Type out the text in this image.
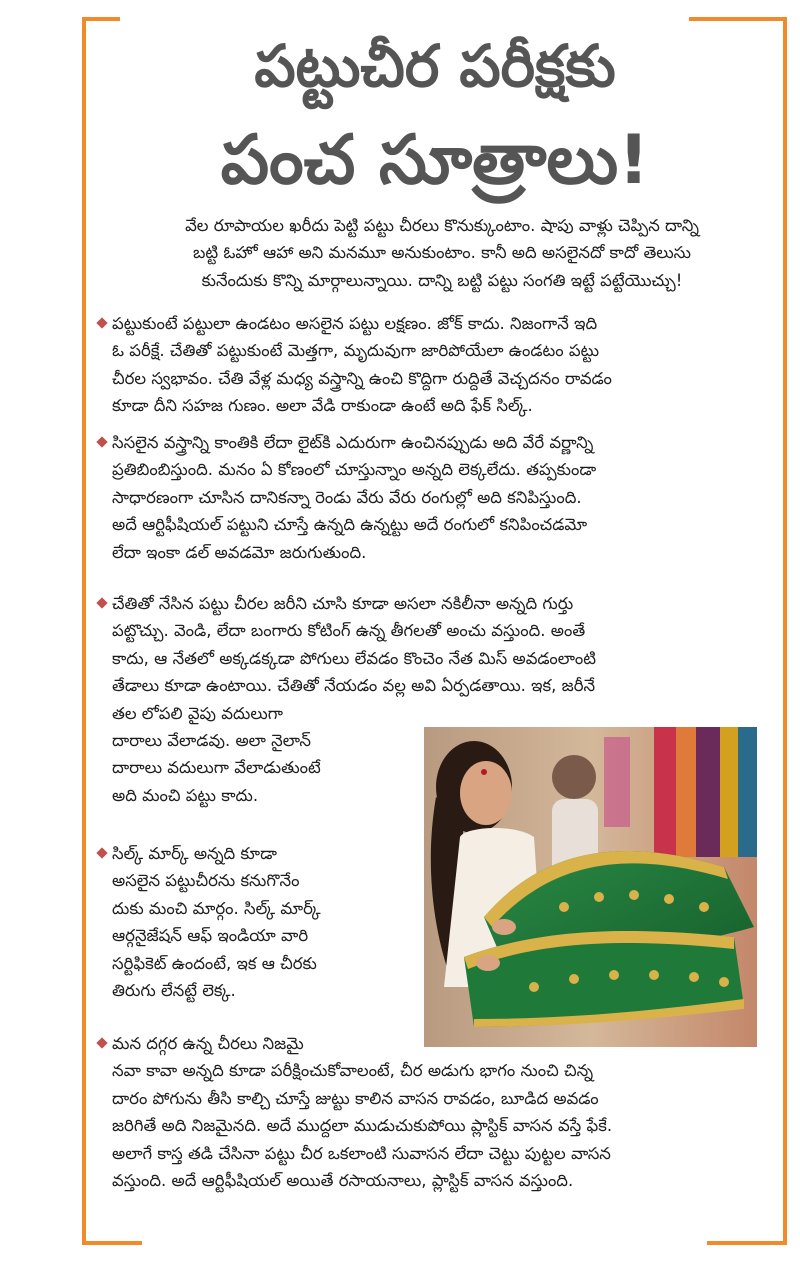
పట్టుచీర పరీక్షకు
పంచ సూత్రాలు!
వేల రూపాయల ఖరీదు పెట్టి పట్టు చీరలు కొనుక్కుంటాం. షాపు వాళ్లు చెప్పిన దాన్ని
బట్టి ఓహో ఆహా అని మనమూ అనుకుంటాం. కానీ అది అసలైనదో కాదో తెలుసు
కునేందుకు కొన్ని మార్గాలున్నాయి. దాన్ని బట్టి పట్టు సంగతి ఇట్టే పట్టేయొచ్చు!
పట్టుకుంటే పట్టులా ఉండటం అసలైన పట్టు లక్షణం. జోక్ కాదు. నిజంగానే ఇది
ఓ పరీక్షే. చేతితో పట్టుకుంటే మెత్తగా, మృదువుగా జారిపోయేలా ఉండటం పట్టు
చీరల స్వభావం. చేతి వేళ్ల మధ్య వస్త్రాన్ని ఉంచి కొద్దిగా రుద్దితే వెచ్చదనం రావడం
కూడా దీని సహజ గుణం. అలా వేడి రాకుండా ఉంటే అది ఫేక్ సిల్క్.
సిసలైన వస్త్రాన్ని కాంతికి లేదా లైట్‌కి ఎదురుగా ఉంచినప్పుడు అది వేరే వర్ణాన్ని
ప్రతిబింబిస్తుంది. మనం ఏ కోణంలో చూస్తున్నాం అన్నది లెక్కలేదు. తప్పకుండా
సాధారణంగా చూసిన దానికన్నా రెండు వేరు వేరు రంగుల్లో అది కనిపిస్తుంది.
అదే ఆర్టిఫీషియల్ పట్టుని చూస్తే ఉన్నది ఉన్నట్టు అదే రంగులో కనిపించడమో
లేదా ఇంకా డల్ అవడమో జరుగుతుంది.
చేతితో నేసిన పట్టు చీరల జరీని చూసి కూడా అసలా నకిలీనా అన్నది గుర్తు
పట్టొచ్చు. వెండి, లేదా బంగారు కోటింగ్ ఉన్న తీగలతో అంచు వస్తుంది. అంతే
కాదు, ఆ నేతలో అక్కడక్కడా పోగులు లేవడం కొంచెం నేత మిస్ అవడంలాంటి
తేడాలు కూడా ఉంటాయి. చేతితో నేయడం వల్ల అవి ఏర్పడతాయి. ఇక, జరీనే
తల లోపలి వైపు వదులుగా
దారాలు వేలాడవు. అలా నైలాన్
దారాలు వదులుగా వేలాడుతుంటే
అది మంచి పట్టు కాదు.
సిల్క్ మార్క్ అన్నది కూడా
అసలైన పట్టుచీరను కనుగొనేం
దుకు మంచి మార్గం. సిల్క్ మార్క్
ఆర్గనైజేషన్ ఆఫ్ ఇండియా వారి
సర్టిఫికెట్ ఉందంటే, ఇక ఆ చీరకు
తిరుగు లేనట్టే లెక్క.
మన దగ్గర ఉన్న చీరలు నిజమై
నవా కావా అన్నది కూడా పరీక్షించుకోవాలంటే, చీర అడుగు భాగం నుంచి చిన్న
దారం పోగును తీసి కాల్చి చూస్తే జుట్టు కాలిన వాసన రావడం, బూడిద అవడం
జరిగితే అది నిజమైనది. అదే ముద్దలా ముడుచుకుపోయి ప్లాస్టిక్ వాసన వస్తే ఫేకే.
అలాగే కాస్త తడి చేసినా పట్టు చీర ఒకలాంటి సువాసన లేదా చెట్టు పుట్టల వాసన
వస్తుంది. అదే ఆర్టిఫీషియల్ అయితే రసాయనాలు, ప్లాస్టిక్ వాసన వస్తుంది.
